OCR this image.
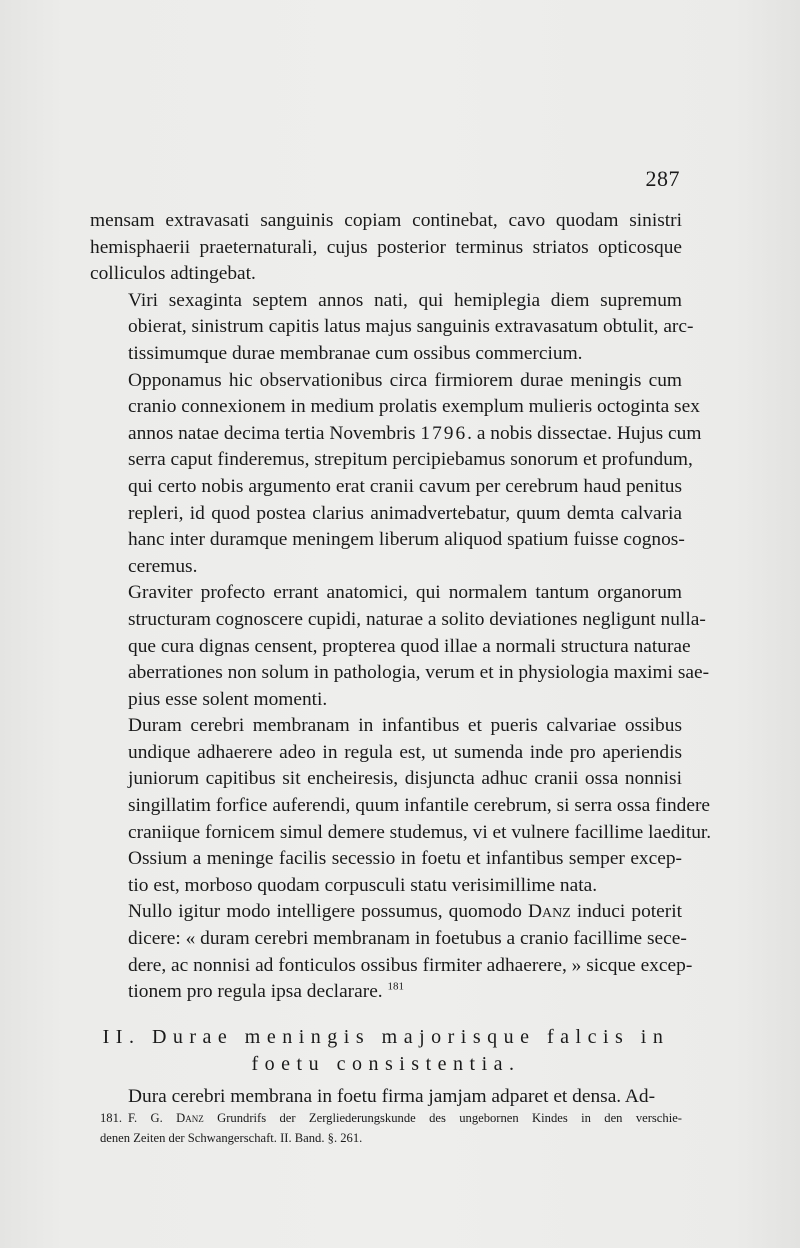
287
mensam extravasati sanguinis copiam continebat, cavo quodam sinistri
hemisphaerii praeternaturali, cujus posterior terminus striatos opticosque
colliculos adtingebat.
Viri sexaginta septem annos nati, qui hemiplegia diem supremum
obierat, sinistrum capitis latus majus sanguinis extravasatum obtulit, arc-
tissimumque durae membranae cum ossibus commercium.
Opponamus hic observationibus circa firmiorem durae meningis cum
cranio connexionem in medium prolatis exemplum mulieris octoginta sex
annos natae decima tertia Novembris 1796. a nobis dissectae. Hujus cum
serra caput finderemus, strepitum percipiebamus sonorum et profundum,
qui certo nobis argumento erat cranii cavum per cerebrum haud penitus
repleri, id quod postea clarius animadvertebatur, quum demta calvaria
hanc inter duramque meningem liberum aliquod spatium fuisse cognos-
ceremus.
Graviter profecto errant anatomici, qui normalem tantum organorum
structuram cognoscere cupidi, naturae a solito deviationes negligunt nulla-
que cura dignas censent, propterea quod illae a normali structura naturae
aberrationes non solum in pathologia, verum et in physiologia maximi sae-
pius esse solent momenti.
Duram cerebri membranam in infantibus et pueris calvariae ossibus
undique adhaerere adeo in regula est, ut sumenda inde pro aperiendis
juniorum capitibus sit encheiresis, disjuncta adhuc cranii ossa nonnisi
singillatim forfice auferendi, quum infantile cerebrum, si serra ossa findere
craniique fornicem simul demere studemus, vi et vulnere facillime laeditur.
Ossium a meninge facilis secessio in foetu et infantibus semper excep-
tio est, morboso quodam corpusculi statu verisimillime nata.
Nullo igitur modo intelligere possumus, quomodo Danz induci poterit
dicere: « duram cerebri membranam in foetubus a cranio facillime sece-
dere, ac nonnisi ad fonticulos ossibus firmiter adhaerere, » sicque excep-
tionem pro regula ipsa declarare. $^{181}$
II. Durae meningis majorisque falcis in
foetu consistentia.
Dura cerebri membrana in foetu firma jamjam adparet et densa. Ad-
181. F. G. Danz Grundrifs der Zergliederungskunde des ungebornen Kindes in den verschie-
denen Zeiten der Schwangerschaft. II. Band. §. 261.
